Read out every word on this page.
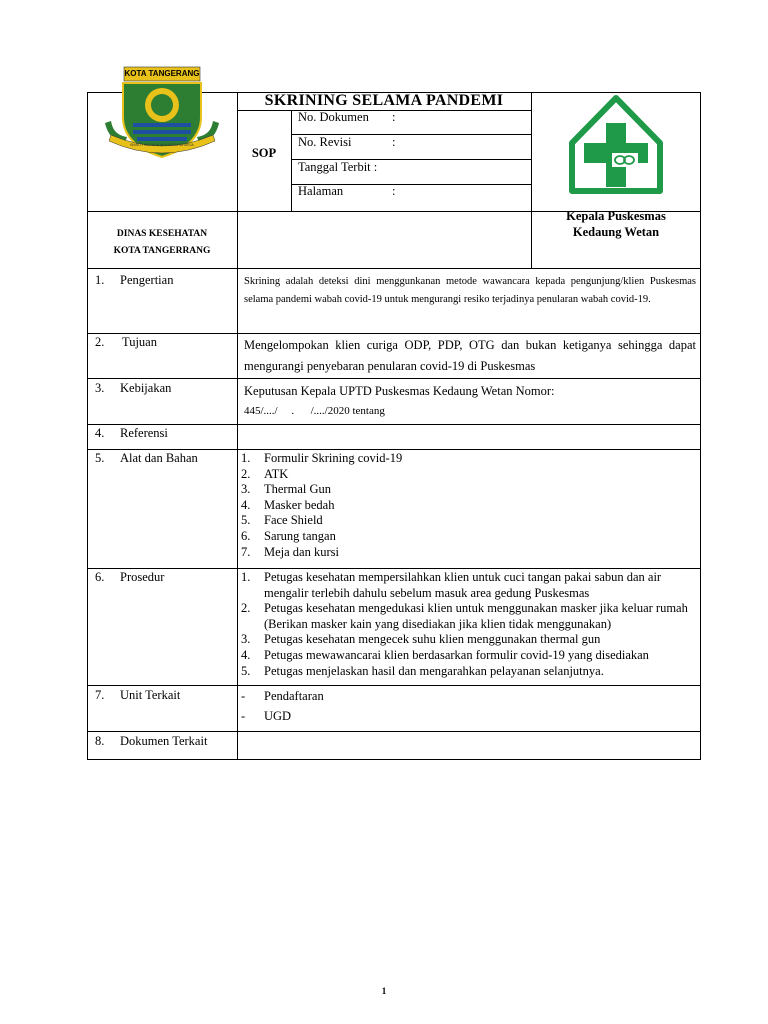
KOTA TANGERANG
BHAKTI KARYA ADHI KERTA RAHARJA
SKRINING SELAMA PANDEMI
SOP
No. Dokumen :
No. Revisi	:
Tanggal Terbit :
Halaman	:
DINAS KESEHATAN
KOTA TANGERRANG
Kepala Puskesmas
Kedaung Wetan
1. Pengertian	Skrining adalah deteksi dini menggunkanan metode wawancara kepada pengunjung/klien Puskesmas selama pandemi wabah covid-19 untuk mengurangi resiko terjadinya penularan wabah covid-19.
2. Tujuan	Mengelompokan klien curiga ODP, PDP, OTG dan bukan ketiganya sehingga dapat mengurangi penyebaran penularan covid-19 di Puskesmas
3. Kebijakan	Keputusan Kepala UPTD Puskesmas Kedaung Wetan Nomor:
445/..../     .      /..../2020 tentang
4. Referensi
5. Alat dan Bahan	1.	Formulir Skrining covid-19
2.	ATK
3.	Thermal Gun
4.	Masker bedah
5.	Face Shield
6.	Sarung tangan
7.	Meja dan kursi
6. Prosedur	1.	Petugas kesehatan mempersilahkan klien untuk cuci tangan pakai sabun dan air mengalir terlebih dahulu sebelum masuk area gedung Puskesmas
2.	Petugas kesehatan mengedukasi klien untuk menggunakan masker jika keluar rumah (Berikan masker kain yang disediakan jika klien tidak menggunakan)
3.	Petugas kesehatan mengecek suhu klien menggunakan thermal gun
4.	Petugas mewawancarai klien berdasarkan formulir covid-19 yang disediakan
5.	Petugas menjelaskan hasil dan mengarahkan pelayanan selanjutnya.
7. Unit Terkait	-	Pendaftaran
-	UGD
8. Dokumen Terkait
1
